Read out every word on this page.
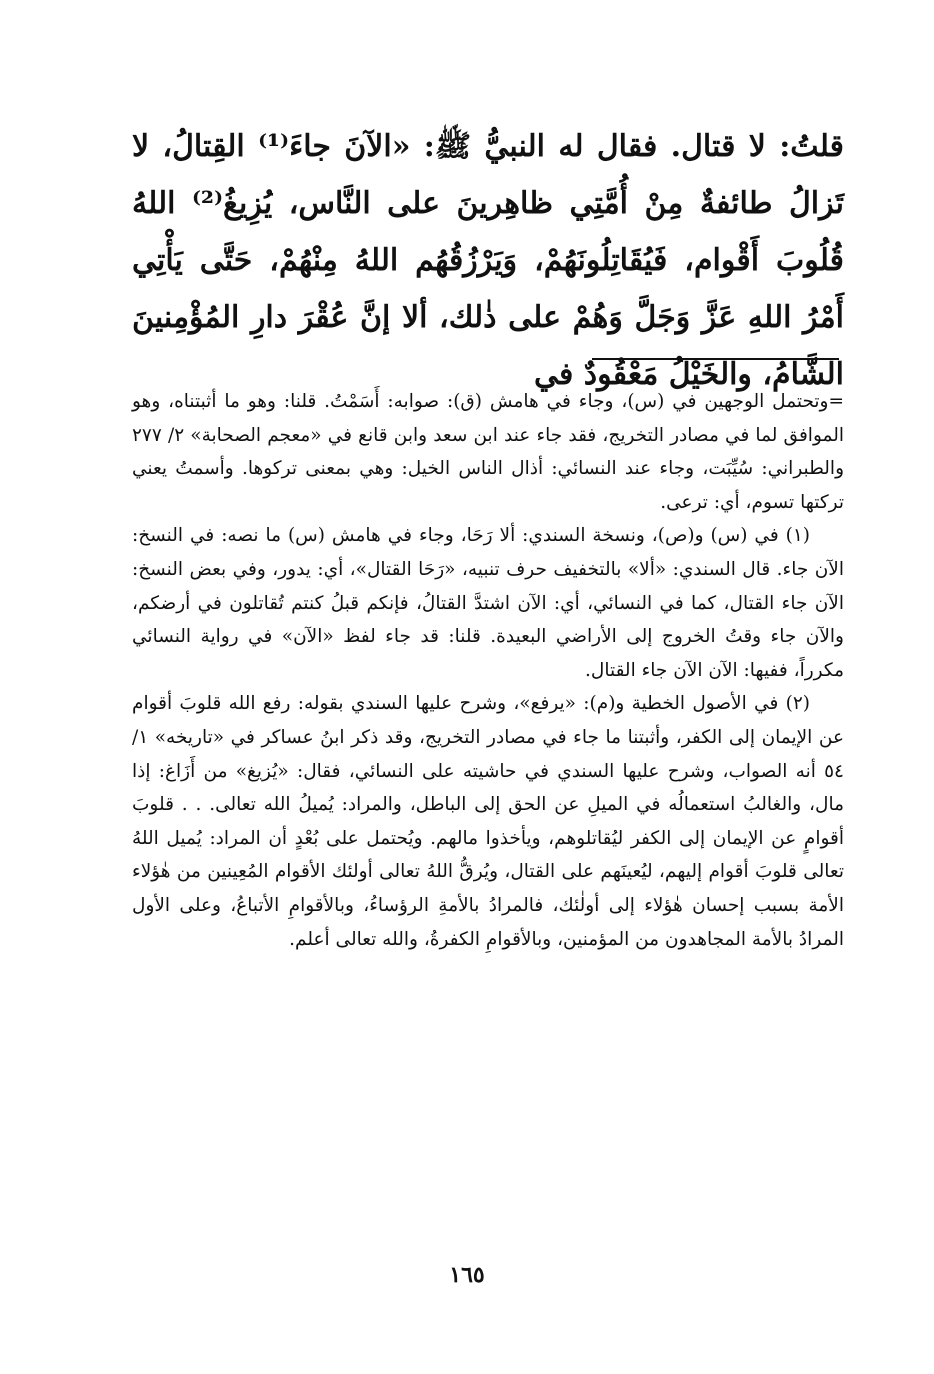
قلتُ: لا قتال. فقال له النبيُّ ﷺ: «الآنَ جاءَ⁽¹⁾ القِتالُ، لا تَزالُ طائفةٌ مِنْ أُمَّتِي ظاهِرينَ على النَّاس، يُزِيغُ⁽²⁾ اللهُ قُلُوبَ أَقْوام، فَيُقَاتِلُونَهُمْ، وَيَرْزُقُهُم اللهُ مِنْهُمْ، حَتَّى يَأْتِي أَمْرُ اللهِ عَزَّ وَجَلَّ وَهُمْ على ذٰلك، ألا إنَّ عُقْرَ دارِ المُؤْمِنينَ الشَّامُ، والخَيْلُ مَعْقُودٌ في

=وتحتمل الوجهين في (س)، وجاء في هامش (ق): صوابه: أَسَمْتُ. قلنا: وهو ما أثبتناه، وهو الموافق لما في مصادر التخريج، فقد جاء عند ابن سعد وابن قانع في «معجم الصحابة» ٢/ ٢٧٧ والطبراني: سُيِّبَت، وجاء عند النسائي: أذال الناس الخيل: وهي بمعنى تركوها. وأسمتُ يعني تركتها تسوم، أي: ترعى.

(١) في (س) و(ص)، ونسخة السندي: ألا رَحَا، وجاء في هامش (س) ما نصه: في النسخ: الآن جاء. قال السندي: «ألا» بالتخفيف حرف تنبيه، «رَحَا القتال»، أي: يدور، وفي بعض النسخ: الآن جاء القتال، كما في النسائي، أي: الآن اشتدَّ القتالُ، فإنكم قبلُ كنتم تُقاتلون في أرضكم، والآن جاء وقتُ الخروج إلى الأراضي البعيدة. قلنا: قد جاء لفظ «الآن» في رواية النسائي مكرراً، ففيها: الآن الآن جاء القتال.

(٢) في الأصول الخطية و(م): «يرفع»، وشرح عليها السندي بقوله: رفع الله قلوبَ أقوام عن الإيمان إلى الكفر، وأثبتنا ما جاء في مصادر التخريج، وقد ذكر ابنُ عساكر في «تاريخه» ١/ ٥٤ أنه الصواب، وشرح عليها السندي في حاشيته على النسائي، فقال: «يُزيغ» من أَزَاغ: إذا مال، والغالبُ استعمالُه في الميلِ عن الحق إلى الباطل، والمراد: يُميلُ الله تعالى. . . قلوبَ أقوامٍ عن الإيمان إلى الكفر ليُقاتلوهم، ويأخذوا مالهم. ويُحتمل على بُعْدٍ أن المراد: يُميل اللهُ تعالى قلوبَ أقوام إليهم، ليُعينَهم على القتال، ويُرقُّ اللهُ تعالى أولئك الأقوام المُعِينين من هٰؤلاء الأمة بسبب إحسان هٰؤلاء إلى أولٰئك، فالمرادُ بالأمةِ الرؤساءُ، وبالأقوامِ الأتباعُ، وعلى الأول المرادُ بالأمة المجاهدون من المؤمنين، وبالأقوامِ الكفرةُ، والله تعالى أعلم.

١٦٥
